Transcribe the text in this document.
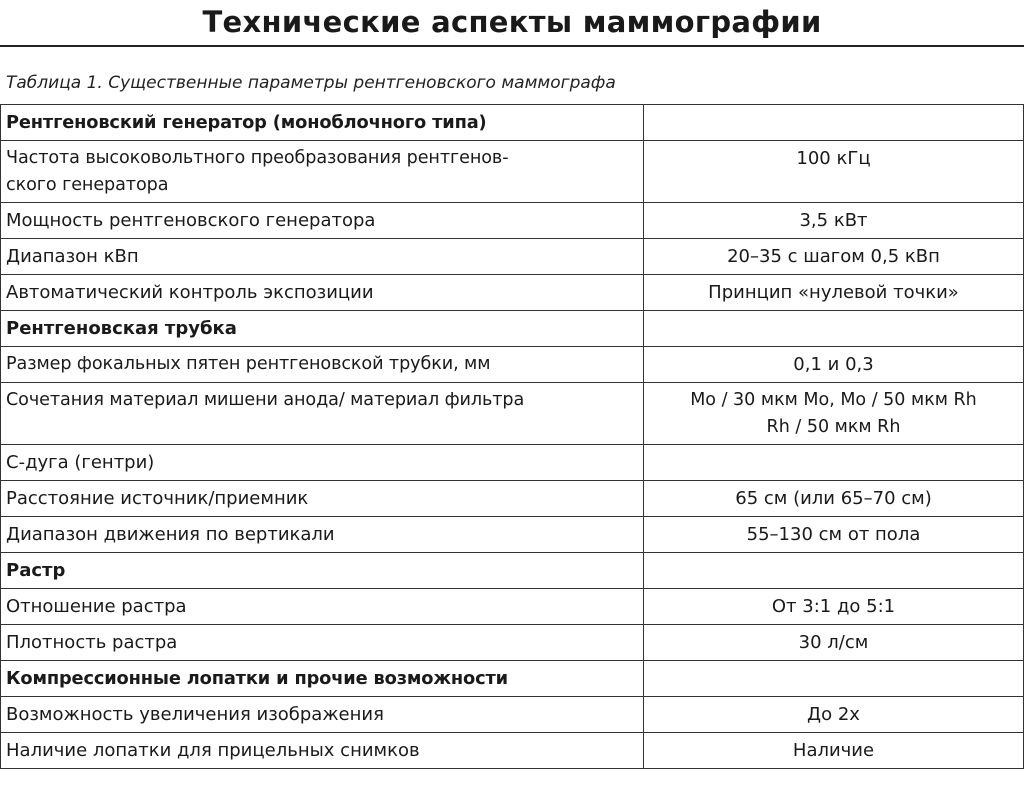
Технические аспекты маммографии
Таблица 1. Существенные параметры рентгеновского маммографа
Рентгеновский генератор (моноблочного типа)	
Частота высоковольтного преобразования рентгенов-
ского генератора	100 кГц
Мощность рентгеновского генератора	3,5 кВт
Диапазон кВп	20–35 с шагом 0,5 кВп
Автоматический контроль экспозиции	Принцип «нулевой точки»
Рентгеновская трубка	
Размер фокальных пятен рентгеновской трубки, мм	0,1 и 0,3
Сочетания материал мишени анода/ материал фильтра	Mo / 30 мкм Mo, Mo / 50 мкм Rh
Rh / 50 мкм Rh
С-дуга (гентри)	
Расстояние источник/приемник	65 см (или 65–70 см)
Диапазон движения по вертикали	55–130 см от пола
Растр	
Отношение растра	От 3:1 до 5:1
Плотность растра	30 л/см
Компрессионные лопатки и прочие возможности	
Возможность увеличения изображения	До 2х
Наличие лопатки для прицельных снимков	Наличие
